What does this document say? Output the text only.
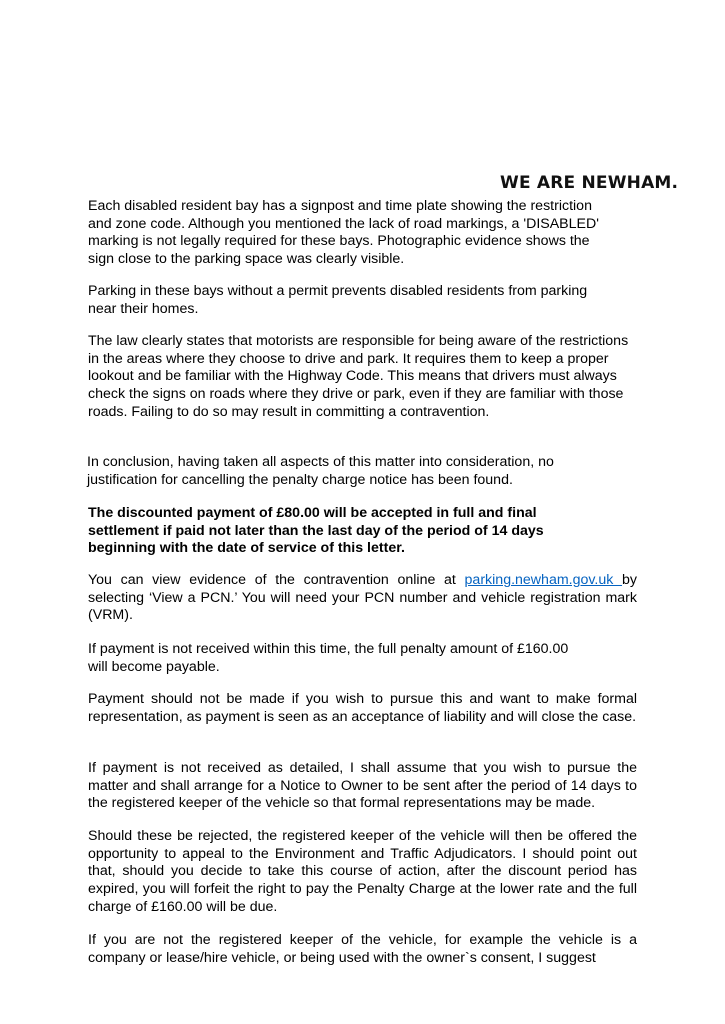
WE ARE NEWHAM.

Each disabled resident bay has a signpost and time plate showing the restriction and zone code. Although you mentioned the lack of road markings, a 'DISABLED' marking is not legally required for these bays. Photographic evidence shows the sign close to the parking space was clearly visible.

Parking in these bays without a permit prevents disabled residents from parking near their homes.

The law clearly states that motorists are responsible for being aware of the restrictions in the areas where they choose to drive and park. It requires them to keep a proper lookout and be familiar with the Highway Code. This means that drivers must always check the signs on roads where they drive or park, even if they are familiar with those roads. Failing to do so may result in committing a contravention.

In conclusion, having taken all aspects of this matter into consideration, no justification for cancelling the penalty charge notice has been found.

The discounted payment of £80.00 will be accepted in full and final settlement if paid not later than the last day of the period of 14 days beginning with the date of service of this letter.

You can view evidence of the contravention online at parking.newham.gov.uk by selecting ‘View a PCN.’ You will need your PCN number and vehicle registration mark (VRM).

If payment is not received within this time, the full penalty amount of £160.00 will become payable.

Payment should not be made if you wish to pursue this and want to make formal representation, as payment is seen as an acceptance of liability and will close the case.

If payment is not received as detailed, I shall assume that you wish to pursue the matter and shall arrange for a Notice to Owner to be sent after the period of 14 days to the registered keeper of the vehicle so that formal representations may be made.

Should these be rejected, the registered keeper of the vehicle will then be offered the opportunity to appeal to the Environment and Traffic Adjudicators. I should point out that, should you decide to take this course of action, after the discount period has expired, you will forfeit the right to pay the Penalty Charge at the lower rate and the full charge of £160.00 will be due.

If you are not the registered keeper of the vehicle, for example the vehicle is a company or lease/hire vehicle, or being used with the owner`s consent, I suggest
